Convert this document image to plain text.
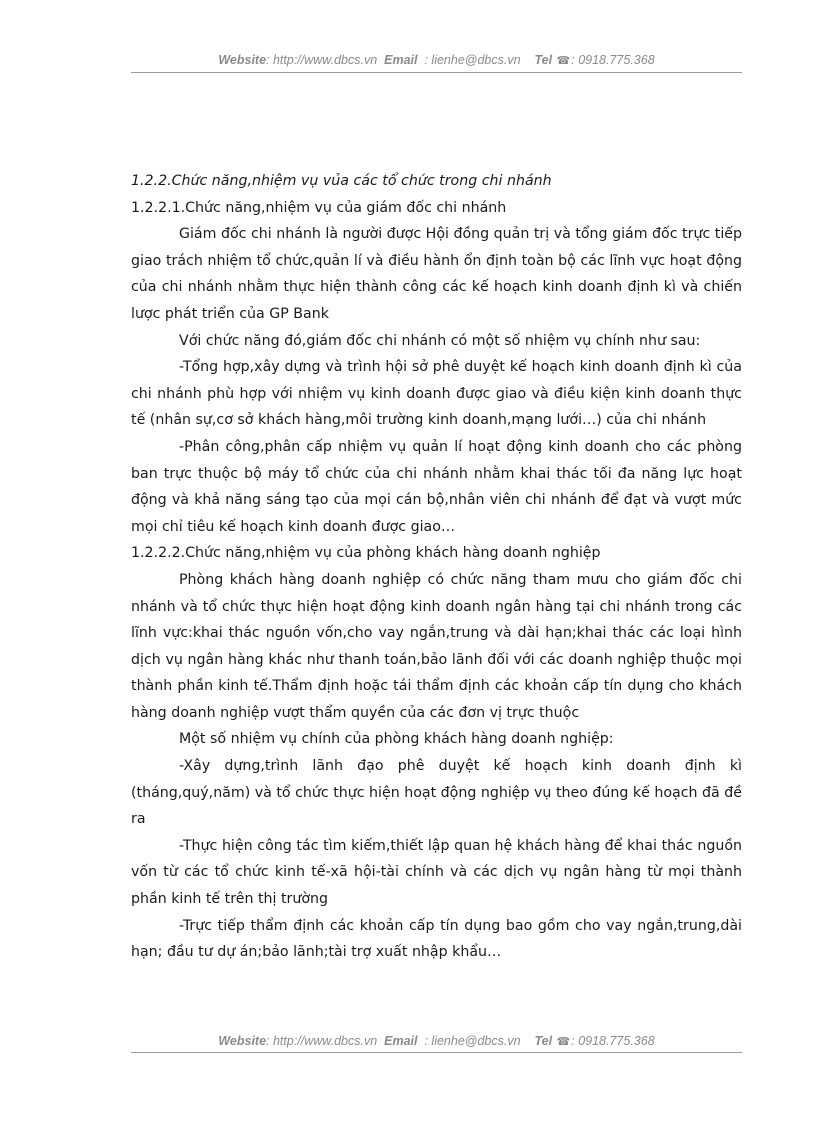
Website: http://www.dbcs.vn Email : lienhe@dbcs.vn Tel ☎: 0918.775.368

1.2.2.Chức năng,nhiệm vụ vủa các tổ chức trong chi nhánh

1.2.2.1.Chức năng,nhiệm vụ của giám đốc chi nhánh

Giám đốc chi nhánh là người được Hội đồng quản trị và tổng giám đốc trực tiếp giao trách nhiệm tổ chức,quản lí và điều hành ổn định toàn bộ các lĩnh vực hoạt động của chi nhánh nhằm thực hiện thành công các kế hoạch kinh doanh định kì và chiến lược phát triển của GP Bank

Với chức năng đó,giám đốc chi nhánh có một số nhiệm vụ chính như sau:

-Tổng hợp,xây dựng và trình hội sở phê duyệt kế hoạch kinh doanh định kì của chi nhánh phù hợp với nhiệm vụ kinh doanh được giao và điều kiện kinh doanh thực tế (nhân sự,cơ sở khách hàng,môi trường kinh doanh,mạng lưới…) của chi nhánh

-Phân công,phân cấp nhiệm vụ quản lí hoạt động kinh doanh cho các phòng ban trực thuộc bộ máy tổ chức của chi nhánh nhằm khai thác tối đa năng lực hoạt động và khả năng sáng tạo của mọi cán bộ,nhân viên chi nhánh để đạt và vượt mức mọi chỉ tiêu kế hoạch kinh doanh được giao…

1.2.2.2.Chức năng,nhiệm vụ của phòng khách hàng doanh nghiệp

Phòng khách hàng doanh nghiệp có chức năng tham mưu cho giám đốc chi nhánh và tổ chức thực hiện hoạt động kinh doanh ngân hàng tại chi nhánh trong các lĩnh vực:khai thác nguồn vốn,cho vay ngắn,trung và dài hạn;khai thác các loại hình dịch vụ ngân hàng khác như thanh toán,bảo lãnh đối với các doanh nghiệp thuộc mọi thành phần kinh tế.Thẩm định hoặc tái thẩm định các khoản cấp tín dụng cho khách hàng doanh nghiệp vượt thẩm quyền của các đơn vị trực thuộc

Một số nhiệm vụ chính của phòng khách hàng doanh nghiệp:

-Xây dựng,trình lãnh đạo phê duyệt kế hoạch kinh doanh định kì (tháng,quý,năm) và tổ chức thực hiện hoạt động nghiệp vụ theo đúng kế hoạch đã đề ra

-Thực hiện công tác tìm kiếm,thiết lập quan hệ khách hàng để khai thác nguồn vốn từ các tổ chức kinh tế-xã hội-tài chính và các dịch vụ ngân hàng từ mọi thành phần kinh tế trên thị trường

-Trực tiếp thẩm định các khoản cấp tín dụng bao gồm cho vay ngắn,trung,dài hạn; đầu tư dự án;bảo lãnh;tài trợ xuất nhập khẩu…

Website: http://www.dbcs.vn Email : lienhe@dbcs.vn Tel ☎: 0918.775.368
